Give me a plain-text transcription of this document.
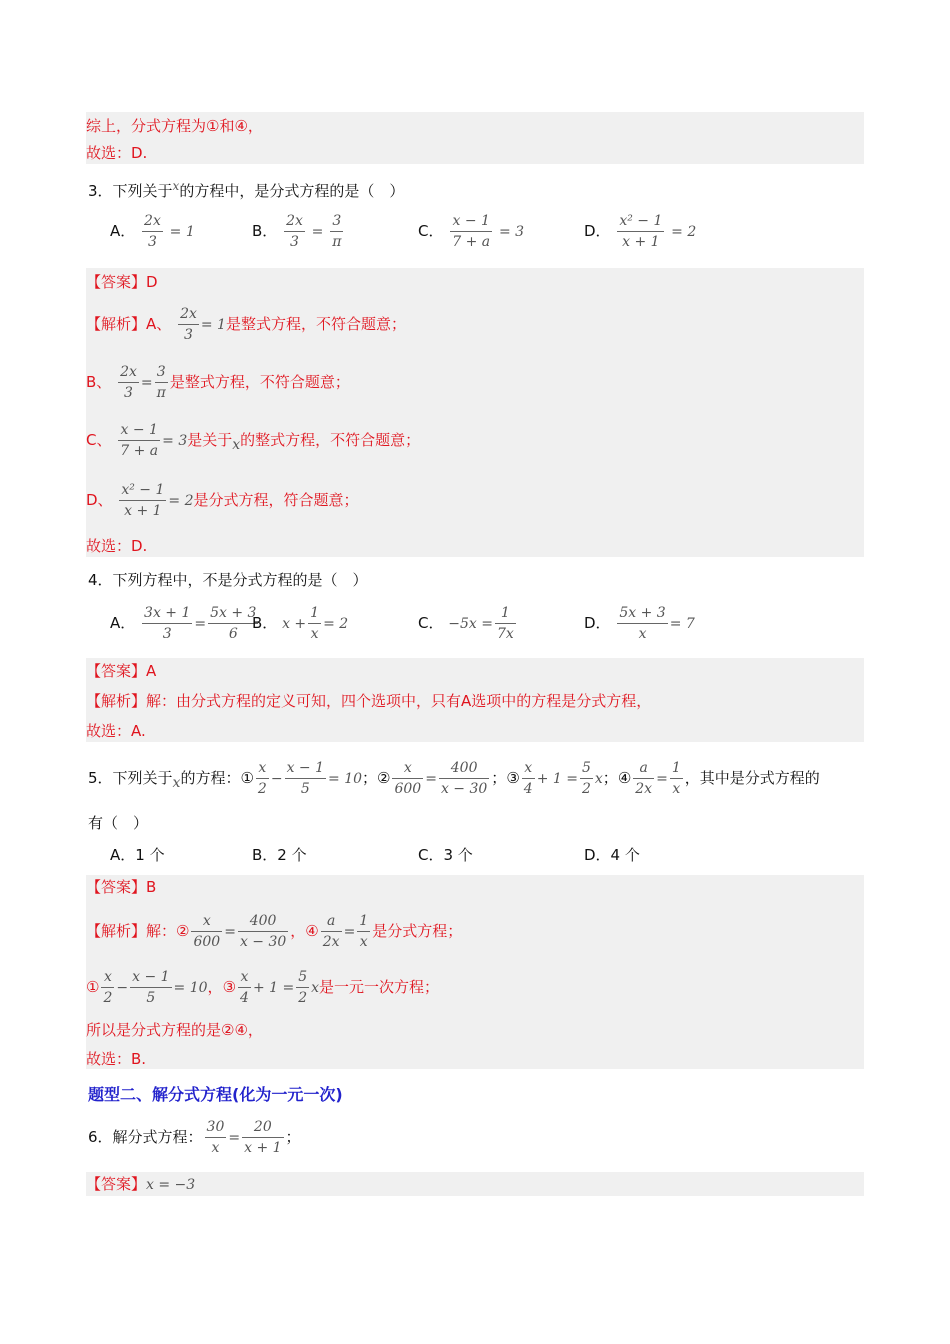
综上，分式方程为①和④，
故选：D.
3．下列关于$^x$的方程中，是分式方程的是（　）
A． $\frac{2x}{3} = 1$	B． $\frac{2x}{3} = \frac{3}{\pi}$	C． $\frac{x - 1}{7 + a} = 3$	D． $\frac{\text{x² − 1}}{x + 1} = 2$
【答案】D
【解析】A、 $\frac{2x}{3} = 1$是整式方程，不符合题意；
B、 $\frac{2x}{3} = \frac{3}{\pi}$ 是整式方程，不符合题意；
C、 $\frac{x - 1}{7 + a} = 3$是关于x的整式方程，不符合题意；
D、 $\frac{\text{x² − 1}}{x + 1} = 2$是分式方程，符合题意；
故选：D.
4．下列方程中，不是分式方程的是（　）
A． $\frac{3x + 1}{3} = \frac{5x + 3}{6}$
B． $x + \frac{1}{x} = 2$	C． $-5x = \frac{1}{7x}$	D． $\frac{5x + 3}{x} = 7$
【答案】A
【解析】解：由分式方程的定义可知，四个选项中，只有A选项中的方程是分式方程，
故选：A.
5．下列关于x的方程：① $\frac{x}{2} - \frac{x - 1}{5} = 10$；② $\frac{x}{600} = \frac{400}{x - 30}$ ；③ $\frac{x}{4} + 1 = \frac{5}{2}$ x；④ $\frac{a}{2x} = \frac{1}{x}$ ，其中是分式方程的
有（　）
A．1 个	B．2 个	C．3 个	D．4 个
【答案】B
【解析】解：② $\frac{x}{600} = \frac{400}{x - 30}$ ，④ $\frac{a}{2x} = \frac{1}{x}$ 是分式方程；
① $\frac{x}{2} - \frac{x - 1}{5} = 10$，③ $\frac{x}{4} + 1 = \frac{5}{2}$ x是一元一次方程；
所以是分式方程的是②④，
故选：B.
题型二、解分式方程(化为一元一次)
6．解分式方程： $\frac{30}{x} = \frac{20}{x + 1}$ ；
【答案】x = −3
